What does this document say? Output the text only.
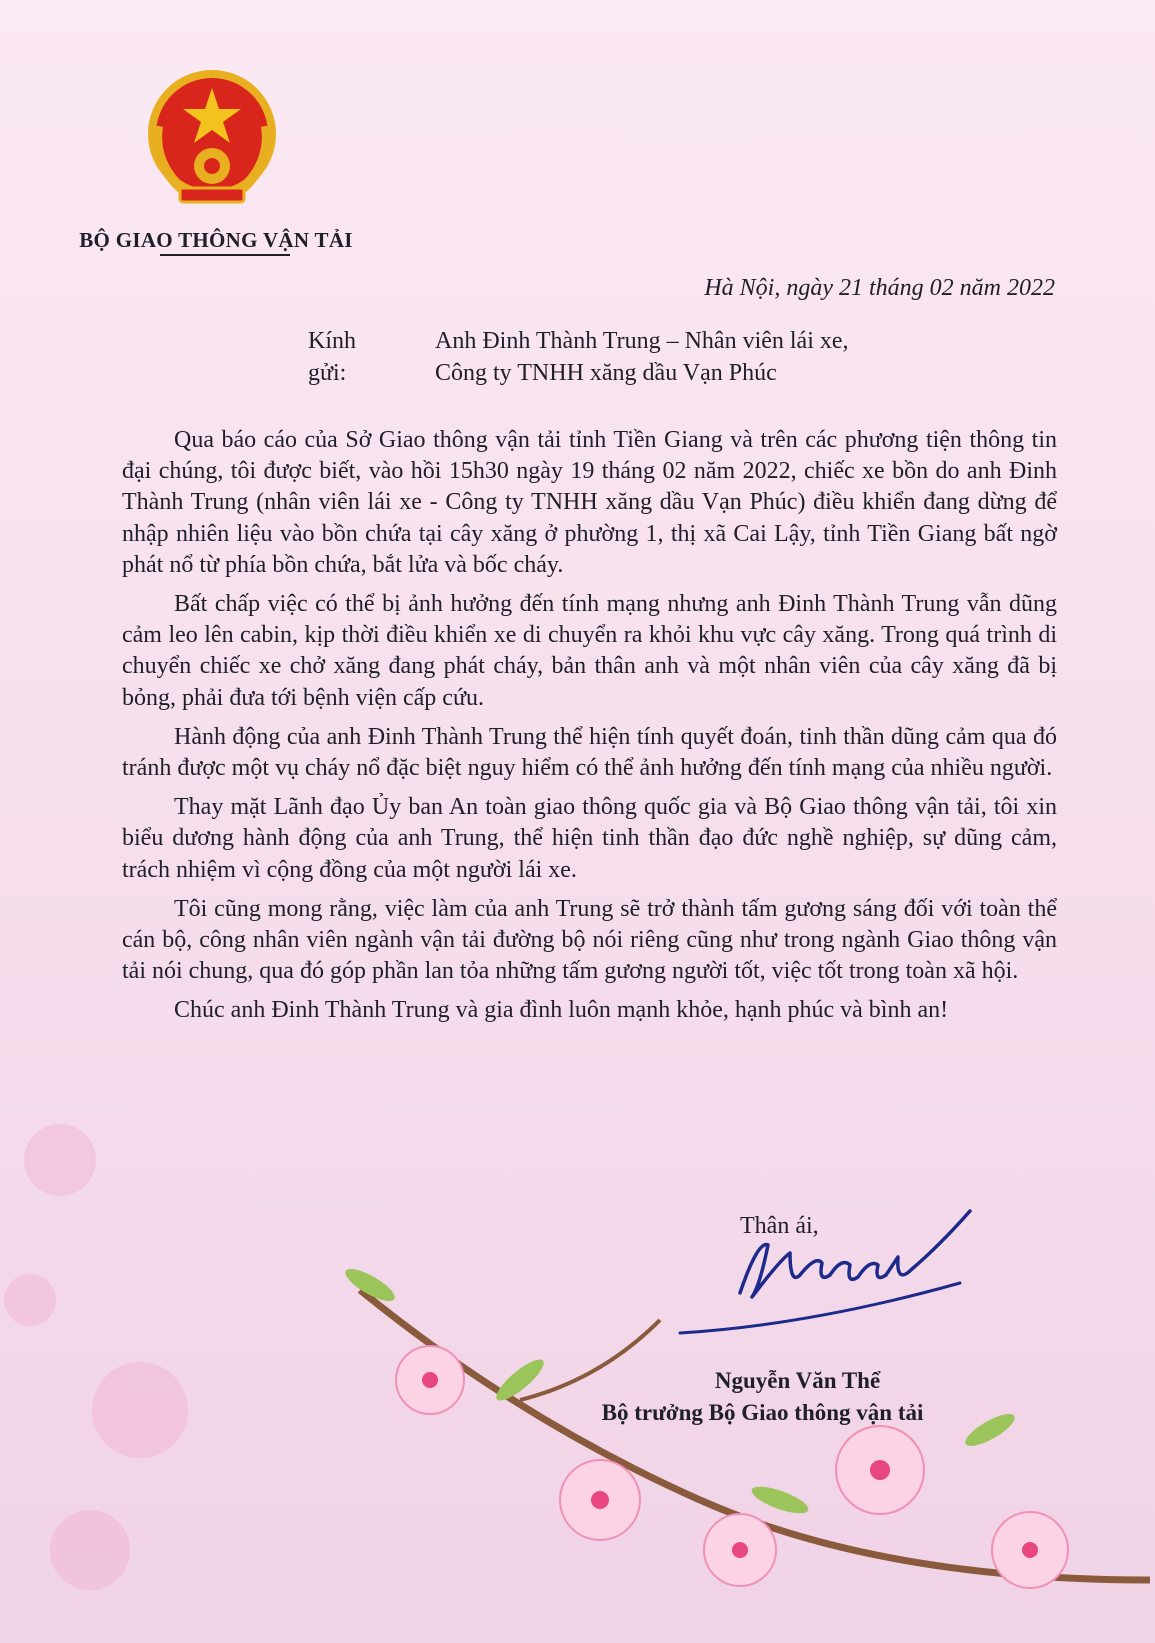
BỘ GIAO THÔNG VẬN TẢI
Hà Nội, ngày 21 tháng 02 năm 2022
Kính gửi:
Anh Đinh Thành Trung – Nhân viên lái xe,
Công ty TNHH xăng dầu Vạn Phúc

Qua báo cáo của Sở Giao thông vận tải tỉnh Tiền Giang và trên các phương tiện thông tin đại chúng, tôi được biết, vào hồi 15h30 ngày 19 tháng 02 năm 2022, chiếc xe bồn do anh Đinh Thành Trung (nhân viên lái xe - Công ty TNHH xăng dầu Vạn Phúc) điều khiển đang dừng để nhập nhiên liệu vào bồn chứa tại cây xăng ở phường 1, thị xã Cai Lậy, tỉnh Tiền Giang bất ngờ phát nổ từ phía bồn chứa, bắt lửa và bốc cháy.

Bất chấp việc có thể bị ảnh hưởng đến tính mạng nhưng anh Đinh Thành Trung vẫn dũng cảm leo lên cabin, kịp thời điều khiển xe di chuyển ra khỏi khu vực cây xăng. Trong quá trình di chuyển chiếc xe chở xăng đang phát cháy, bản thân anh và một nhân viên của cây xăng đã bị bỏng, phải đưa tới bệnh viện cấp cứu.

Hành động của anh Đinh Thành Trung thể hiện tính quyết đoán, tinh thần dũng cảm qua đó tránh được một vụ cháy nổ đặc biệt nguy hiểm có thể ảnh hưởng đến tính mạng của nhiều người.

Thay mặt Lãnh đạo Ủy ban An toàn giao thông quốc gia và Bộ Giao thông vận tải, tôi xin biểu dương hành động của anh Trung, thể hiện tinh thần đạo đức nghề nghiệp, sự dũng cảm, trách nhiệm vì cộng đồng của một người lái xe.

Tôi cũng mong rằng, việc làm của anh Trung sẽ trở thành tấm gương sáng đối với toàn thể cán bộ, công nhân viên ngành vận tải đường bộ nói riêng cũng như trong ngành Giao thông vận tải nói chung, qua đó góp phần lan tỏa những tấm gương người tốt, việc tốt trong toàn xã hội.

Chúc anh Đinh Thành Trung và gia đình luôn mạnh khỏe, hạnh phúc và bình an!

Thân ái,
Nguyễn Văn Thể
Bộ trưởng Bộ Giao thông vận tải
